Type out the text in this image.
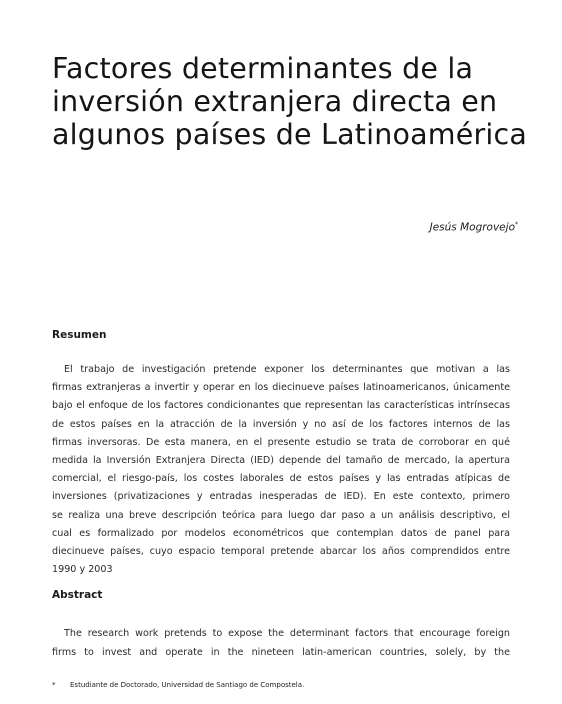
Factores determinantes de la
inversión extranjera directa en
algunos países de Latinoamérica
Jesús Mogrovejo*
Resumen
El trabajo de investigación pretende exponer los determinantes que motivan a las
firmas extranjeras a invertir y operar en los diecinueve países latinoamericanos, únicamente
bajo el enfoque de los factores condicionantes que representan las características intrínsecas
de estos países en la atracción de la inversión y no así de los factores internos de las
firmas inversoras. De esta manera, en el presente estudio se trata de corroborar en qué
medida la Inversión Extranjera Directa (IED) depende del tamaño de mercado, la apertura
comercial, el riesgo-país, los costes laborales de estos países y las entradas atípicas de
inversiones (privatizaciones y entradas inesperadas de IED). En este contexto, primero
se realiza una breve descripción teórica para luego dar paso a un análisis descriptivo, el
cual es formalizado por modelos econométricos que contemplan datos de panel para
diecinueve países, cuyo espacio temporal pretende abarcar los años comprendidos entre
1990 y 2003
Abstract
The research work pretends to expose the determinant factors that encourage foreign
firms to invest and operate in the nineteen latin-american countries, solely, by the
* Estudiante de Doctorado, Universidad de Santiago de Compostela.
